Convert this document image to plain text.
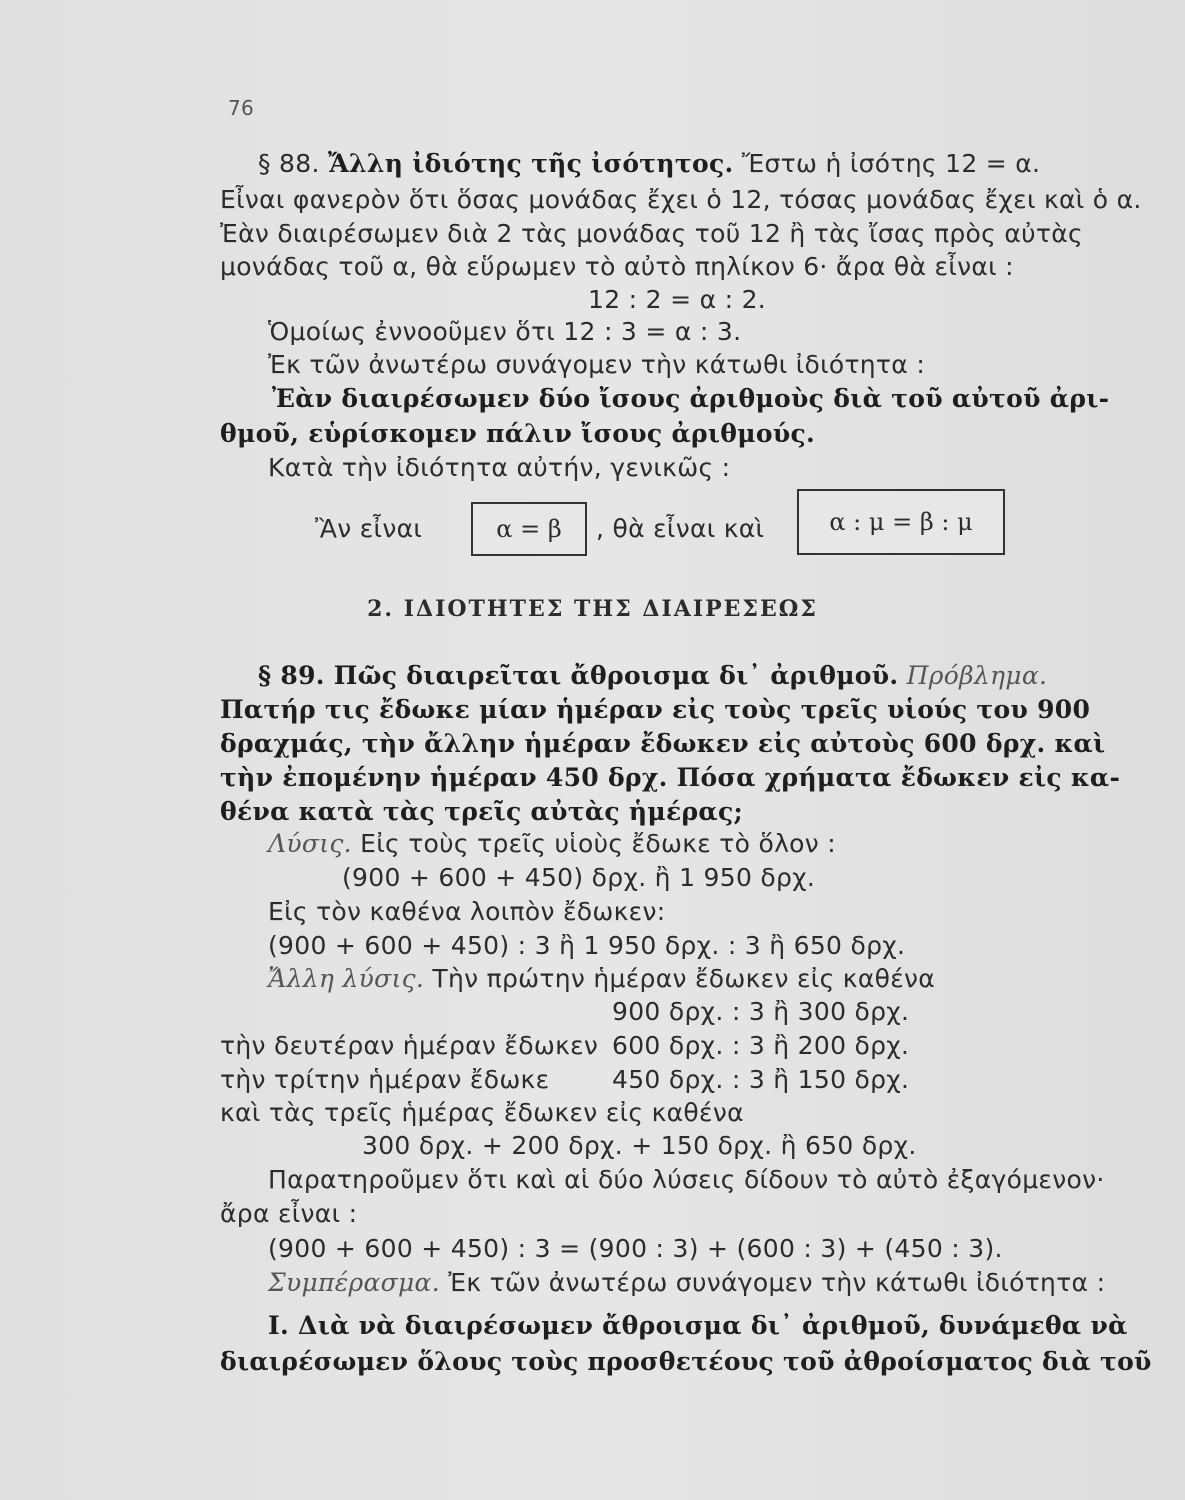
76
§ 88. Ἄλλη ἰδιότης τῆς ἰσότητος. Ἔστω ἡ ἰσότης 12 = α.
Εἶναι φανερὸν ὅτι ὅσας μονάδας ἔχει ὁ 12, τόσας μονάδας ἔχει καὶ ὁ α.
Ἐὰν διαιρέσωμεν διὰ 2 τὰς μονάδας τοῦ 12 ἢ τὰς ἴσας πρὸς αὐτὰς
μονάδας τοῦ α, θὰ εὕρωμεν τὸ αὐτὸ πηλίκον 6· ἄρα θὰ εἶναι :
12 : 2 = α : 2.
Ὁμοίως ἐννοοῦμεν ὅτι 12 : 3 = α : 3.
Ἐκ τῶν ἀνωτέρω συνάγομεν τὴν κάτωθι ἰδιότητα :
Ἐὰν διαιρέσωμεν δύο ἴσους ἀριθμοὺς διὰ τοῦ αὐτοῦ ἀρι-
θμοῦ, εὑρίσκομεν πάλιν ἴσους ἀριθμούς.
Κατὰ τὴν ἰδιότητα αὐτήν, γενικῶς :
Ἂν εἶναι	α = β	, θὰ εἶναι καὶ	α : μ = β : μ
2. ΙΔΙΟΤΗΤΕΣ ΤΗΣ ΔΙΑΙΡΕΣΕΩΣ
§ 89. Πῶς διαιρεῖται ἄθροισμα δι᾽ ἀριθμοῦ. Πρόβλημα.
Πατήρ τις ἔδωκε μίαν ἡμέραν εἰς τοὺς τρεῖς υἱούς του 900
δραχμάς, τὴν ἄλλην ἡμέραν ἔδωκεν εἰς αὐτοὺς 600 δρχ. καὶ
τὴν ἐπομένην ἡμέραν 450 δρχ. Πόσα χρήματα ἔδωκεν εἰς κα-
θένα κατὰ τὰς τρεῖς αὐτὰς ἡμέρας;
Λύσις. Εἰς τοὺς τρεῖς υἱοὺς ἔδωκε τὸ ὅλον :
(900 + 600 + 450) δρχ. ἢ 1 950 δρχ.
Εἰς τὸν καθένα λοιπὸν ἔδωκεν:
(900 + 600 + 450) : 3 ἢ 1 950 δρχ. : 3 ἢ 650 δρχ.
Ἄλλη λύσις. Τὴν πρώτην ἡμέραν ἔδωκεν εἰς καθένα
900 δρχ. : 3 ἢ 300 δρχ.
τὴν δευτέραν ἡμέραν ἔδωκεν 600 δρχ. : 3 ἢ 200 δρχ.
τὴν τρίτην ἡμέραν ἔδωκε	450 δρχ. : 3 ἢ 150 δρχ.
καὶ τὰς τρεῖς ἡμέρας ἔδωκεν εἰς καθένα
300 δρχ. + 200 δρχ. + 150 δρχ. ἢ 650 δρχ.
Παρατηροῦμεν ὅτι καὶ αἱ δύο λύσεις δίδουν τὸ αὐτὸ ἐξαγόμενον·
ἄρα εἶναι :
(900 + 600 + 450) : 3 = (900 : 3) + (600 : 3) + (450 : 3).
Συμπέρασμα. Ἐκ τῶν ἀνωτέρω συνάγομεν τὴν κάτωθι ἰδιότητα :
Ι. Διὰ νὰ διαιρέσωμεν ἄθροισμα δι᾽ ἀριθμοῦ, δυνάμεθα νὰ
διαιρέσωμεν ὅλους τοὺς προσθετέους τοῦ ἀθροίσματος διὰ τοῦ
